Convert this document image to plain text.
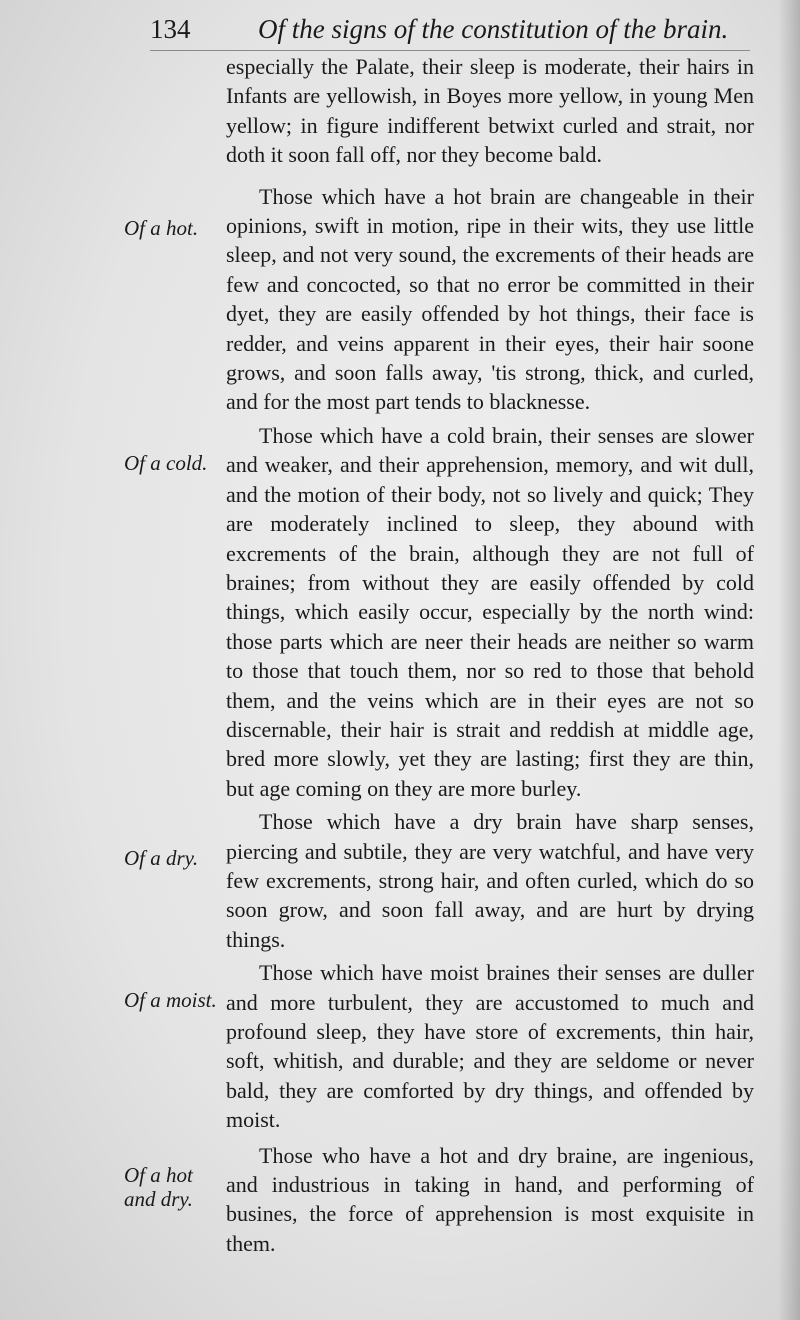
134	Of the signs of the constitution of the brain.
Of a hot.
Of a cold.
Of a dry.
Of a moist.
Of a hot and dry.

especially the Palate, their sleep is moderate, their hairs in Infants are yellowish, in Boyes more yellow, in young Men yellow; in figure indifferent betwixt curled and strait, nor doth it soon fall off, nor they become bald.

Those which have a hot brain are changeable in their opinions, swift in motion, ripe in their wits, they use little sleep, and not very sound, the excrements of their heads are few and concocted, so that no error be committed in their dyet, they are easily offended by hot things, their face is redder, and veins apparent in their eyes, their hair soone grows, and soon falls away, 'tis strong, thick, and curled, and for the most part tends to blacknesse.

Those which have a cold brain, their senses are slower and weaker, and their apprehension, memory, and wit dull, and the motion of their body, not so lively and quick; They are moderately inclined to sleep, they abound with excrements of the brain, although they are not full of braines; from without they are easily offended by cold things, which easily occur, especially by the north wind: those parts which are neer their heads are neither so warm to those that touch them, nor so red to those that behold them, and the veins which are in their eyes are not so discernable, their hair is strait and reddish at middle age, bred more slowly, yet they are lasting; first they are thin, but age coming on they are more burley.

Those which have a dry brain have sharp senses, piercing and subtile, they are very watchful, and have very few excrements, strong hair, and often curled, which do so soon grow, and soon fall away, and are hurt by drying things.

Those which have moist braines their senses are duller and more turbulent, they are accustomed to much and profound sleep, they have store of excrements, thin hair, soft, whitish, and durable; and they are seldome or never bald, they are comforted by dry things, and offended by moist.

Those who have a hot and dry braine, are ingenious, and industrious in taking in hand, and performing of busines, the force of apprehension is most exquisite in them.
